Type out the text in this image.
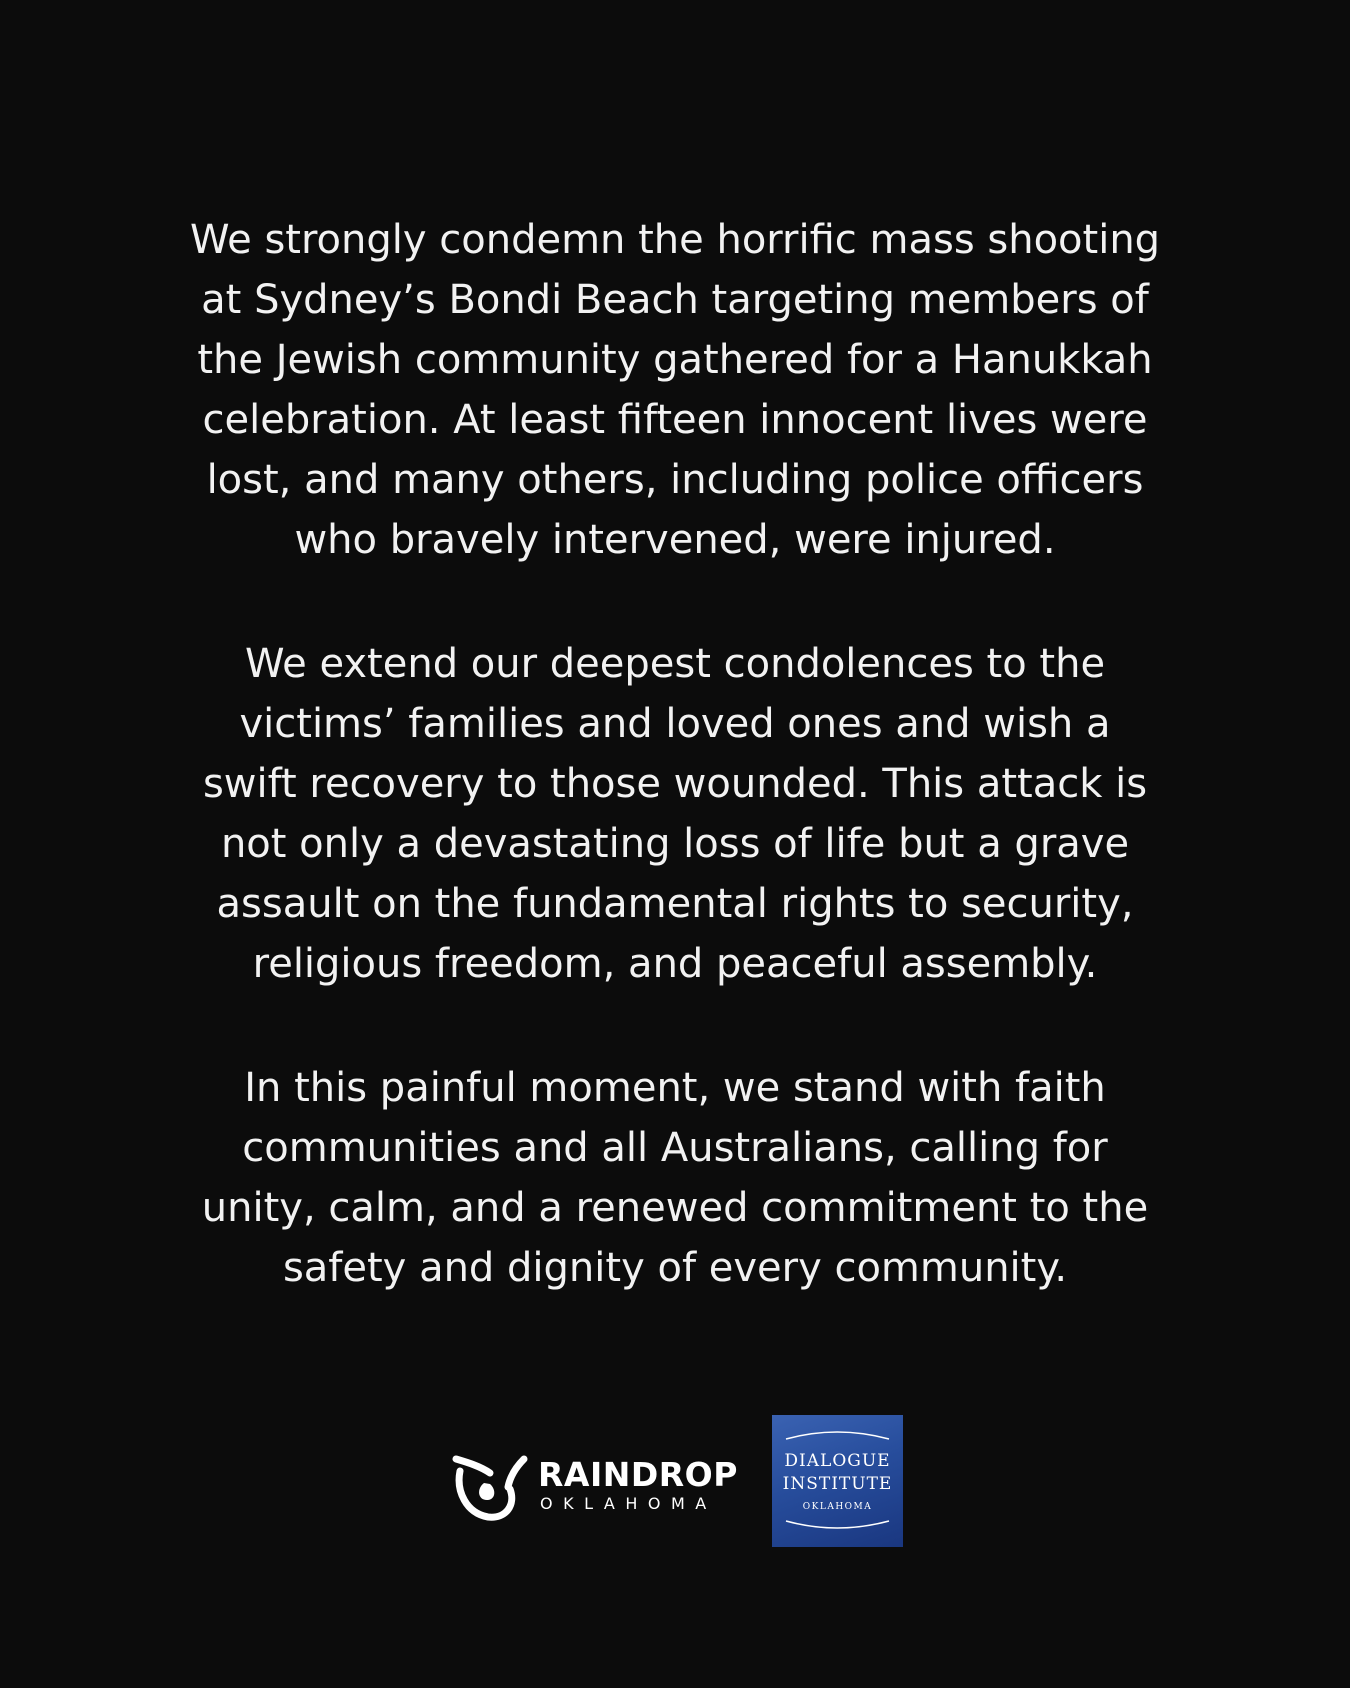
We strongly condemn the horrific mass shooting
at Sydney’s Bondi Beach targeting members of
the Jewish community gathered for a Hanukkah
celebration. At least fifteen innocent lives were
lost, and many others, including police officers
who bravely intervened, were injured.

We extend our deepest condolences to the
victims’ families and loved ones and wish a
swift recovery to those wounded. This attack is
not only a devastating loss of life but a grave
assault on the fundamental rights to security,
religious freedom, and peaceful assembly.

In this painful moment, we stand with faith
communities and all Australians, calling for
unity, calm, and a renewed commitment to the
safety and dignity of every community.

RAINDROP
OKLAHOMA
DIALOGUE
INSTITUTE
OKLAHOMA
